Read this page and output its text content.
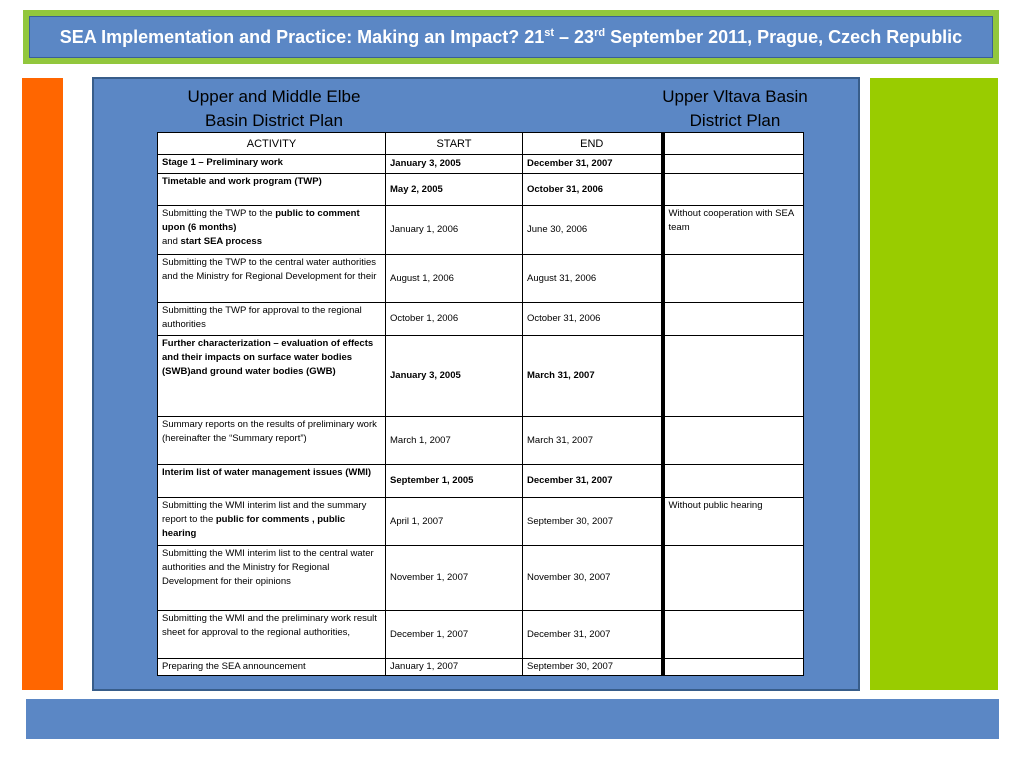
SEA Implementation and Practice: Making an Impact? 21st – 23rd September 2011, Prague, Czech Republic
Upper and Middle Elbe
Basin District Plan
Upper Vltava Basin
District Plan
ACTIVITY	START	END	
Stage 1 – Preliminary work	January 3, 2005	December 31, 2007	
Timetable and work program (TWP)	May 2, 2005	October 31, 2006	
Submitting the TWP to the public to comment upon (6 months)
and start SEA process	January 1, 2006	June 30, 2006	Without cooperation with SEA team
Submitting the TWP to the central water authorities and the Ministry for Regional Development for their	August 1, 2006	August 31, 2006	
Submitting the TWP for approval to the regional authorities	October 1, 2006	October 31, 2006	
Further characterization – evaluation of effects and their impacts on surface water bodies (SWB)and ground water bodies (GWB)	January 3, 2005	March 31, 2007	
Summary reports on the results of preliminary work (hereinafter the “Summary report”)	March 1, 2007	March 31, 2007	
Interim list of water management issues (WMI)	September 1, 2005	December 31, 2007	
Submitting the WMI interim list and the summary report to the public for comments , public hearing	April 1, 2007	September 30, 2007	Without public hearing
Submitting the WMI interim list to the central water authorities and the Ministry for Regional Development for their opinions	November 1, 2007	November 30, 2007	
Submitting the WMI and the preliminary work result sheet for approval to the regional authorities,	December 1, 2007	December 31, 2007	
Preparing the SEA announcement	January 1, 2007	September 30, 2007	
